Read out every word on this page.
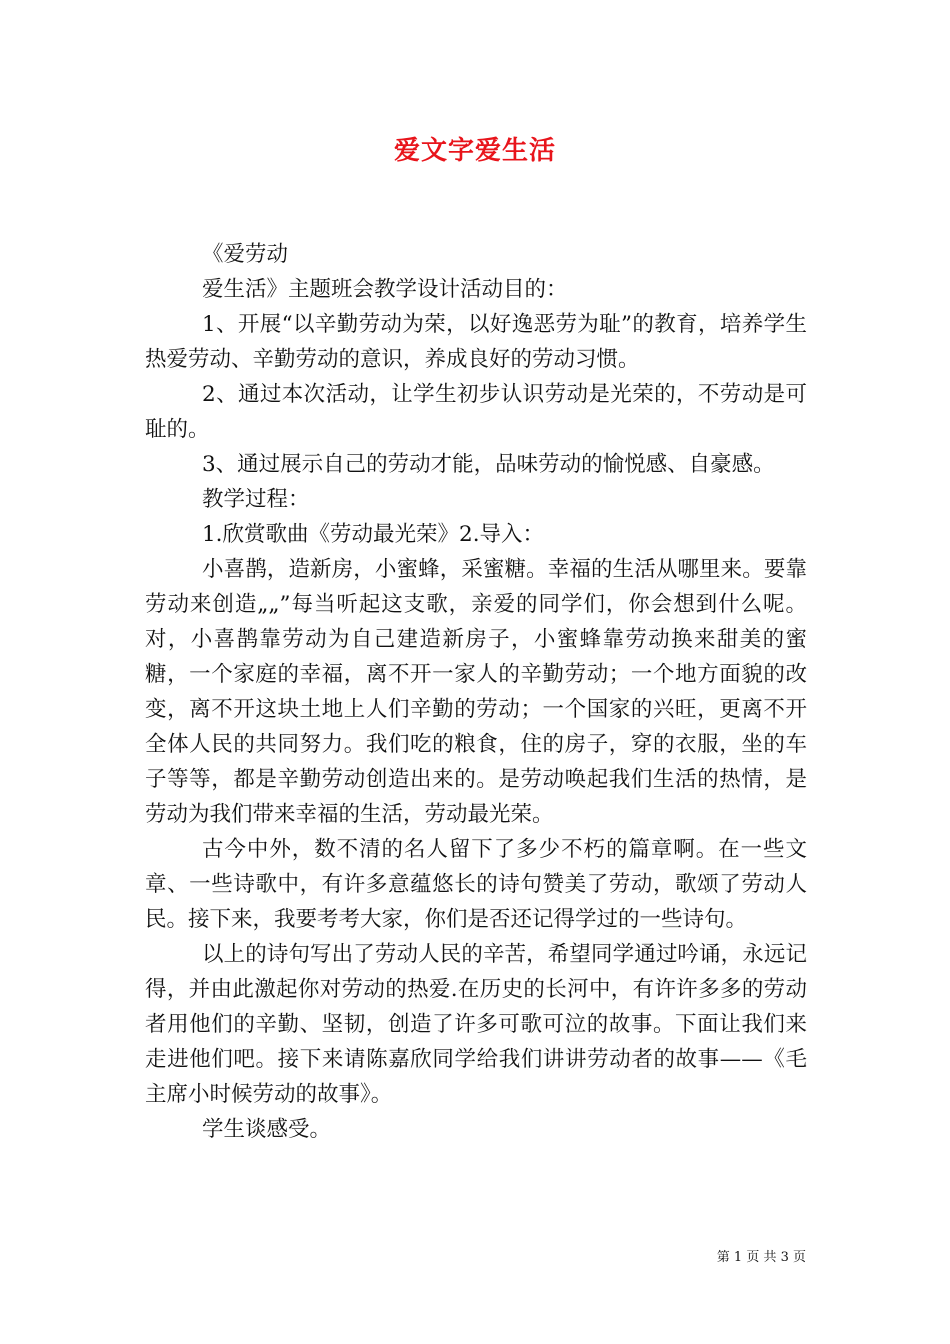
爱文字爱生活

《爱劳动

爱生活》主题班会教学设计活动目的：

1、开展“以辛勤劳动为荣，以好逸恶劳为耻”的教育，培养学生热爱劳动、辛勤劳动的意识，养成良好的劳动习惯。

2、通过本次活动，让学生初步认识劳动是光荣的，不劳动是可耻的。

3、通过展示自己的劳动才能，品味劳动的愉悦感、自豪感。

教学过程：

1.欣赏歌曲《劳动最光荣》2.导入：

小喜鹊，造新房，小蜜蜂，采蜜糖。幸福的生活从哪里来。要靠劳动来创造„„”每当听起这支歌，亲爱的同学们，你会想到什么呢。对，小喜鹊靠劳动为自己建造新房子，小蜜蜂靠劳动换来甜美的蜜糖，一个家庭的幸福，离不开一家人的辛勤劳动；一个地方面貌的改变，离不开这块土地上人们辛勤的劳动；一个国家的兴旺，更离不开全体人民的共同努力。我们吃的粮食，住的房子，穿的衣服，坐的车子等等，都是辛勤劳动创造出来的。是劳动唤起我们生活的热情，是劳动为我们带来幸福的生活，劳动最光荣。

古今中外，数不清的名人留下了多少不朽的篇章啊。在一些文章、一些诗歌中，有许多意蕴悠长的诗句赞美了劳动，歌颂了劳动人民。接下来，我要考考大家，你们是否还记得学过的一些诗句。

以上的诗句写出了劳动人民的辛苦，希望同学通过吟诵，永远记得，并由此激起你对劳动的热爱.在历史的长河中，有许许多多的劳动者用他们的辛勤、坚韧，创造了许多可歌可泣的故事。下面让我们来走进他们吧。接下来请陈嘉欣同学给我们讲讲劳动者的故事——《毛主席小时候劳动的故事》。

学生谈感受。

第 1 页 共 3 页
